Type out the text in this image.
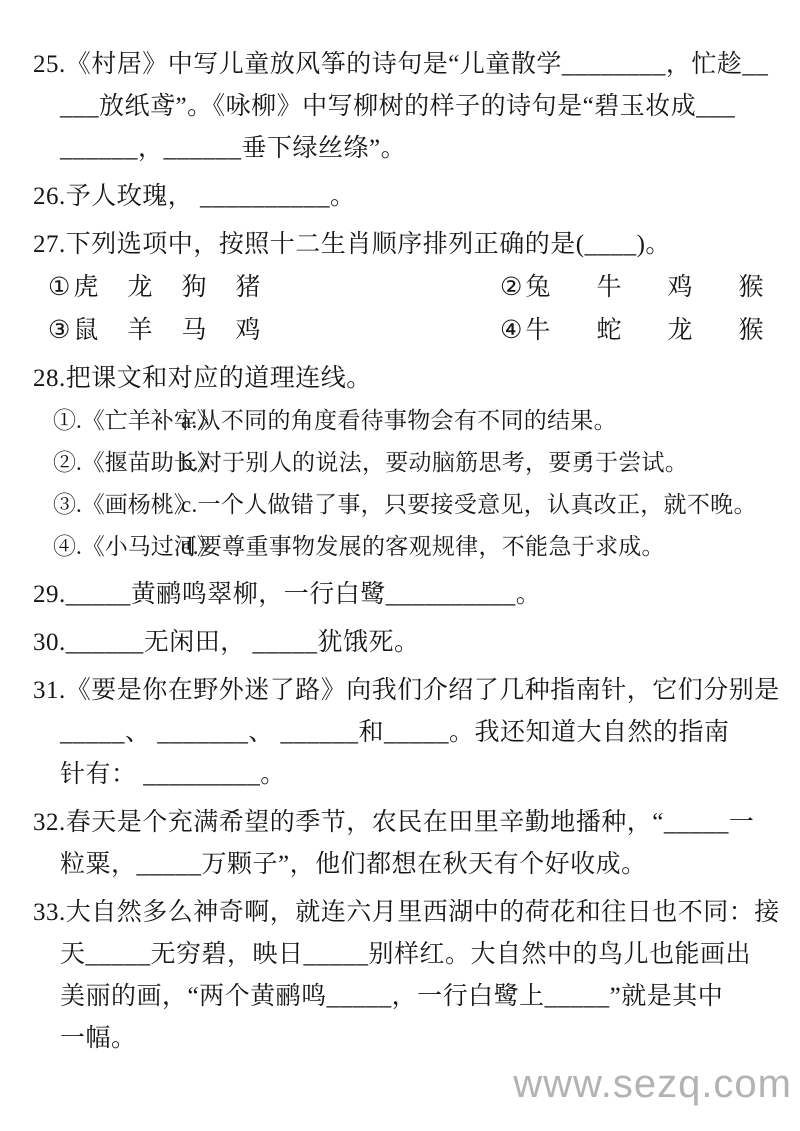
25.《村居》中写儿童放风筝的诗句是“儿童散学________，忙趁__
___放纸鸢”。《咏柳》中写柳树的样子的诗句是“碧玉妆成___
______，______垂下绿丝绦”。
26.予人玫瑰， __________。
27.下列选项中，按照十二生肖顺序排列正确的是(____)。
① 虎 龙 狗 猪	② 兔 牛 鸡 猴
③ 鼠 羊 马 鸡	④ 牛 蛇 龙 猴
28.把课文和对应的道理连线。
①.《亡羊补牢》
a.从不同的角度看待事物会有不同的结果。
②.《揠苗助长》
b.对于别人的说法，要动脑筋思考，要勇于尝试。
③.《画杨桃》
c.一个人做错了事，只要接受意见，认真改正，就不晚。
④.《小马过河》
d.要尊重事物发展的客观规律，不能急于求成。
29._____黄鹂鸣翠柳，一行白鹭__________。
30.______无闲田， _____犹饿死。
31.《要是你在野外迷了路》向我们介绍了几种指南针，它们分别是
_____、 _______、 ______和_____。我还知道大自然的指南
针有： _________。
32.春天是个充满希望的季节，农民在田里辛勤地播种，“_____一
粒粟，_____万颗子”，他们都想在秋天有个好收成。
33.大自然多么神奇啊，就连六月里西湖中的荷花和往日也不同：接
天_____无穷碧，映日_____别样红。大自然中的鸟儿也能画出
美丽的画，“两个黄鹂鸣_____，一行白鹭上_____”就是其中
一幅。
www.sezq.com
